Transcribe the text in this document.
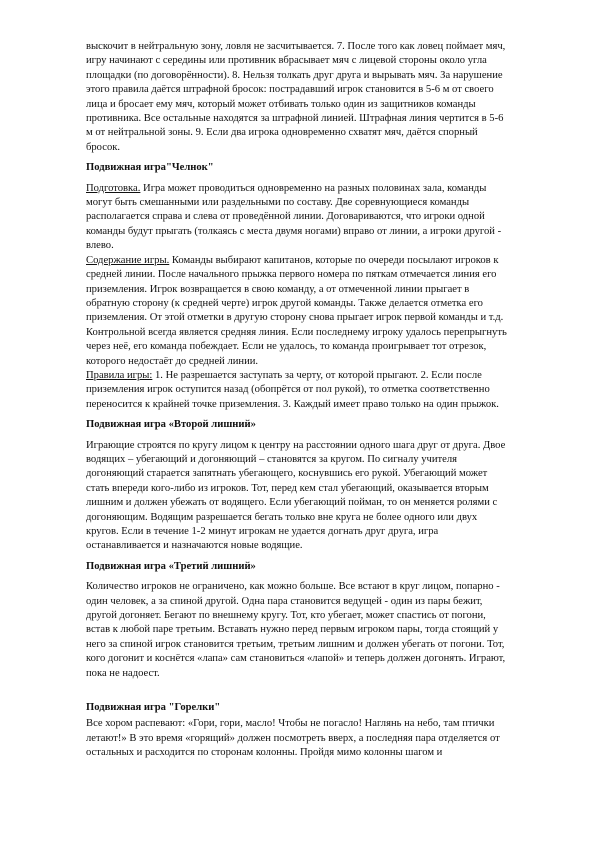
выскочит в нейтральную зону, ловля не засчитывается. 7. После того как ловец поймает мяч, игру начинают с середины или противник вбрасывает мяч с лицевой стороны около угла площадки (по договорённости). 8. Нельзя толкать друг друга и вырывать мяч. За нарушение этого правила даётся штрафной бросок: пострадавший игрок становится в 5-6 м от своего лица и бросает ему мяч, который может отбивать только один из защитников команды противника. Все остальные находятся за штрафной линией. Штрафная линия чертится в 5-6 м от нейтральной зоны. 9. Если два игрока одновременно схватят мяч, даётся спорный бросок.

Подвижная игра"Челнок"

Подготовка. Игра может проводиться одновременно на разных половинах зала, команды могут быть смешанными или раздельными по составу. Две соревнующиеся команды располагается справа и слева от проведённой линии. Договариваются, что игроки одной команды будут прыгать (толкаясь с места двумя ногами) вправо от линии, а игроки другой - влево.

Содержание игры. Команды выбирают капитанов, которые по очереди посылают игроков к средней линии. После начального прыжка первого номера по пяткам отмечается линия его приземления. Игрок возвращается в свою команду, а от отмеченной линии прыгает в обратную сторону (к средней черте) игрок другой команды. Также делается отметка его приземления. От этой отметки в другую сторону снова прыгает игрок первой команды и т.д.

Контрольной всегда является средняя линия. Если последнему игроку удалось перепрыгнуть через неё, его команда побеждает. Если не удалось, то команда проигрывает тот отрезок, которого недостаёт до средней линии.

Правила игры: 1. Не разрешается заступать за черту, от которой прыгают. 2. Если после приземления игрок оступится назад (обопрётся от пол рукой), то отметка соответственно переносится к крайней точке приземления. 3. Каждый имеет право только на один прыжок.

Подвижная игра «Второй лишний»

Играющие строятся по кругу лицом к центру на расстоянии одного шага друг от друга. Двое водящих – убегающий и догоняющий – становятся за кругом. По сигналу учителя догоняющий старается запятнать убегающего, коснувшись его рукой. Убегающий может стать впереди кого-либо из игроков. Тот, перед кем стал убегающий, оказывается вторым лишним и должен убежать от водящего. Если убегающий пойман, то он меняется ролями с догоняющим. Водящим разрешается бегать только вне круга не более одного или двух кругов. Если в течение 1-2 минут игрокам не удается догнать друг друга, игра останавливается и назначаются новые водящие.

Подвижная игра «Третий лишний»

Количество игроков не ограничено, как можно больше. Все встают в круг лицом, попарно - один человек, а за спиной другой. Одна пара становится ведущей - один из пары бежит, другой догоняет. Бегают по внешнему кругу. Тот, кто убегает, может спастись от погони, встав к любой паре третьим. Вставать нужно перед первым игроком пары, тогда стоящий у него за спиной игрок становится третьим, третьим лишним и должен убегать от погони. Тот, кого догонит и коснётся «лапа» сам становиться «лапой» и теперь должен догонять. Играют, пока не надоест.

Подвижная игра "Горелки"

Все хором распевают: «Гори, гори, масло! Чтобы не погасло! Наглянь на небо, там птички летают!» В это время «горящий» должен посмотреть вверх, а последняя пара отделяется от остальных и расходится по сторонам колонны. Пройдя мимо колонны шагом и
